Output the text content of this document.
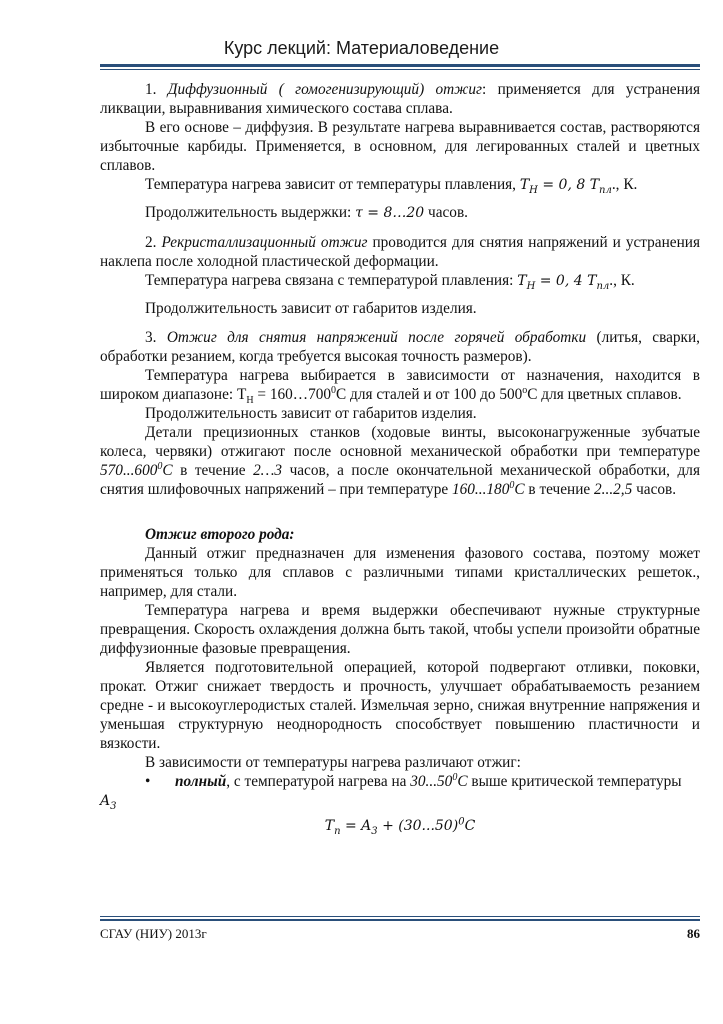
Курс лекций: Материаловедение

1. Диффузионный ( гомогенизирующий) отжиг: применяется для устранения ликвации, выравнивания химического состава сплава.

В его основе – диффузия. В результате нагрева выравнивается состав, растворяются избыточные карбиды. Применяется, в основном, для легированных сталей и цветных сплавов.

Температура нагрева зависит от температуры плавления, $T_Н = 0$, 8 $T_{пл}$., К.

Продолжительность выдержки: τ = 8…20 часов.

2. Рекристаллизационный отжиг проводится для снятия напряжений и устранения наклепа после холодной пластической деформации.

Температура нагрева связана с температурой плавления: $T_Н = 0$, 4 $T_{пл}$., К.

Продолжительность зависит от габаритов изделия.

3. Отжиг для снятия напряжений после горячей обработки (литья, сварки, обработки резанием, когда требуется высокая точность размеров).

Температура нагрева выбирается в зависимости от назначения, находится в широком диапазоне: $T_Н$ = $160\dots 700^0С$ для сталей и от 100 до $500^оС$ для цветных сплавов.

Продолжительность зависит от габаритов изделия.

Детали прецизионных станков (ходовые винты, высоконагруженные зубчатые колеса, червяки) отжигают после основной механической обработки при температуре 570...600$^0$C в течение 2…3 часов, а после окончательной механической обработки, для снятия шлифовочных напряжений – при температуре 160...180$^0$C в течение 2...2,5 часов.

Отжиг второго рода:

Данный отжиг предназначен для изменения фазового состава, поэтому может применяться только для сплавов с различными типами кристаллических решеток., например, для стали.

Температура нагрева и время выдержки обеспечивают нужные структурные превращения. Скорость охлаждения должна быть такой, чтобы успели произойти обратные диффузионные фазовые превращения.

Является подготовительной операцией, которой подвергают отливки, поковки, прокат. Отжиг снижает твердость и прочность, улучшает обрабатываемость резанием средне - и высокоуглеродистых сталей. Измельчая зерно, снижая внутренние напряжения и уменьшая структурную неоднородность способствует повышению пластичности и вязкости.

В зависимости от температуры нагрева различают отжиг:

• полный, с температурой нагрева на 30...50$^0$C выше критической температуры

$A_3$

$T_п = A_3 + (30...50)^0C$
СГАУ (НИУ) 2013г	86
